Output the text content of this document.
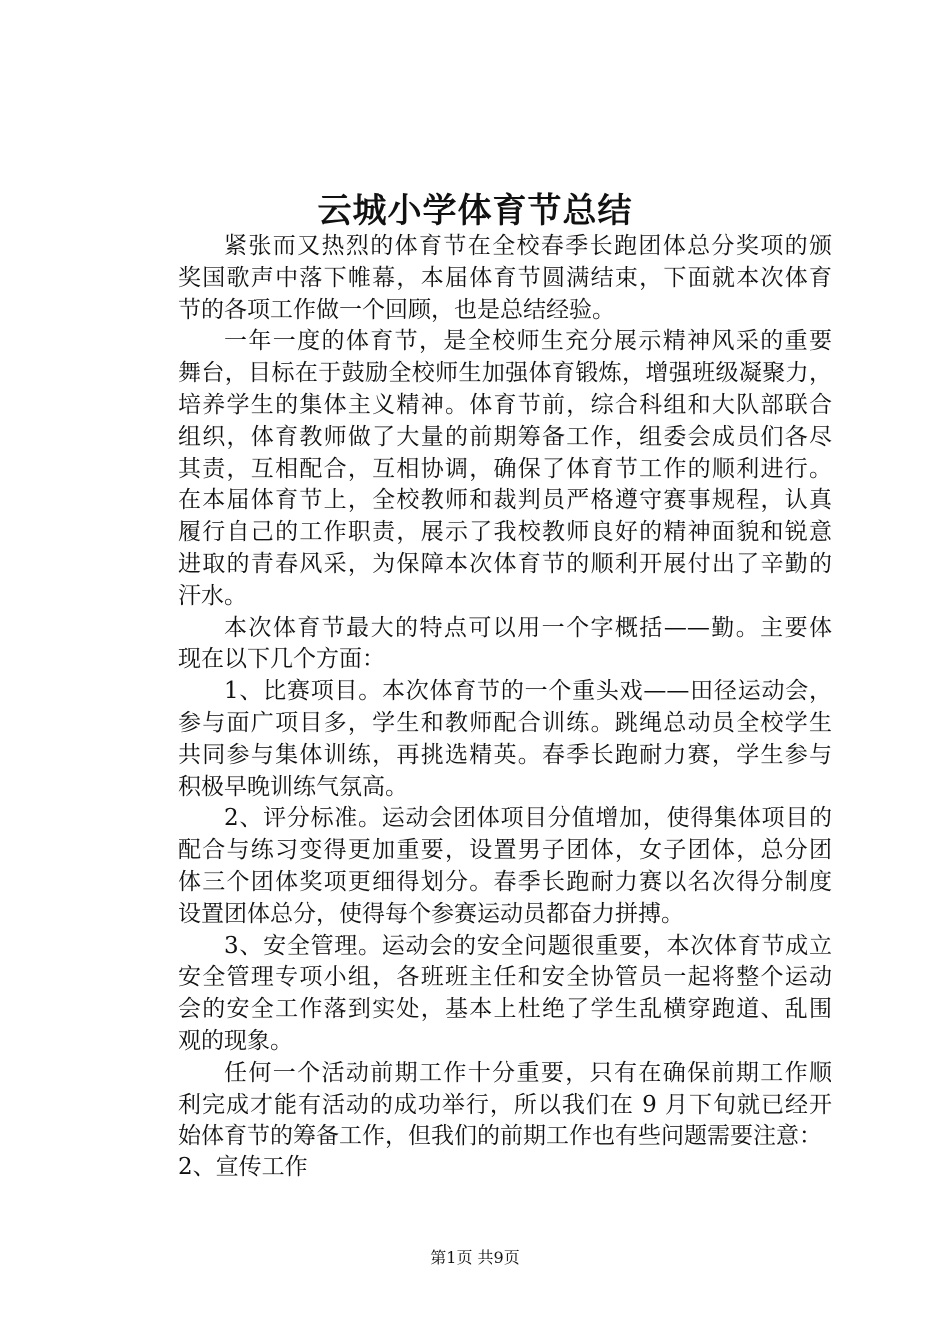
云城小学体育节总结

紧张而又热烈的体育节在全校春季长跑团体总分奖项的颁
奖国歌声中落下帷幕，本届体育节圆满结束，下面就本次体育
节的各项工作做一个回顾，也是总结经验。

一年一度的体育节，是全校师生充分展示精神风采的重要
舞台，目标在于鼓励全校师生加强体育锻炼，增强班级凝聚力，
培养学生的集体主义精神。体育节前，综合科组和大队部联合
组织，体育教师做了大量的前期筹备工作，组委会成员们各尽
其责，互相配合，互相协调，确保了体育节工作的顺利进行。
在本届体育节上，全校教师和裁判员严格遵守赛事规程，认真
履行自己的工作职责，展示了我校教师良好的精神面貌和锐意
进取的青春风采，为保障本次体育节的顺利开展付出了辛勤的
汗水。

本次体育节最大的特点可以用一个字概括——勤。主要体
现在以下几个方面：

1、比赛项目。本次体育节的一个重头戏——田径运动会，
参与面广项目多，学生和教师配合训练。跳绳总动员全校学生
共同参与集体训练，再挑选精英。春季长跑耐力赛，学生参与
积极早晚训练气氛高。

2、评分标准。运动会团体项目分值增加，使得集体项目的
配合与练习变得更加重要，设置男子团体，女子团体，总分团
体三个团体奖项更细得划分。春季长跑耐力赛以名次得分制度
设置团体总分，使得每个参赛运动员都奋力拼搏。

3、安全管理。运动会的安全问题很重要，本次体育节成立
安全管理专项小组，各班班主任和安全协管员一起将整个运动
会的安全工作落到实处，基本上杜绝了学生乱横穿跑道、乱围
观的现象。

任何一个活动前期工作十分重要，只有在确保前期工作顺
利完成才能有活动的成功举行，所以我们在 9 月下旬就已经开
始体育节的筹备工作，但我们的前期工作也有些问题需要注意：

2、宣传工作

第1页 共9页
